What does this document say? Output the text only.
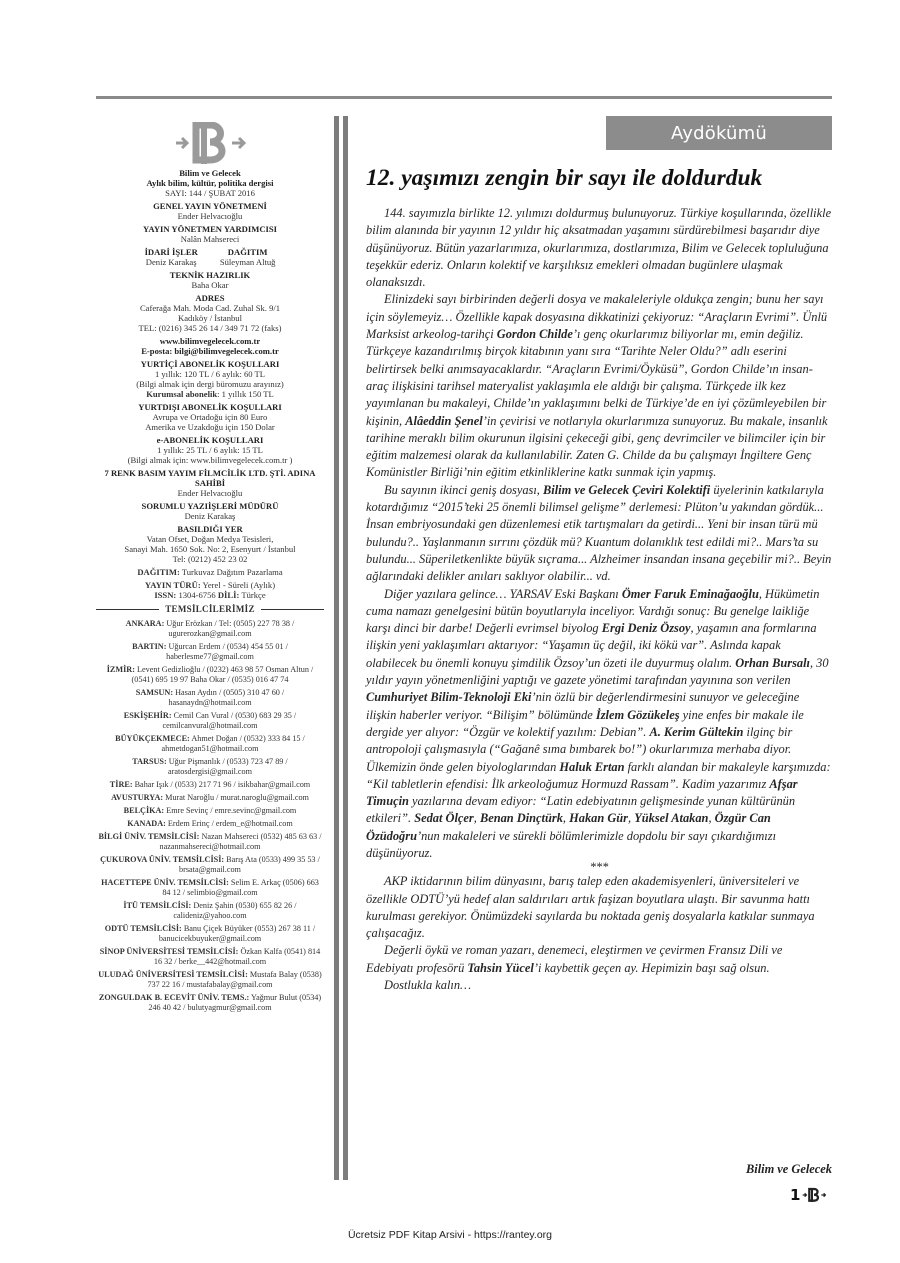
Bilim ve Gelecek
Aylık bilim, kültür, politika dergisi
SAYI: 144 / ŞUBAT 2016
GENEL YAYIN YÖNETMENİ
Ender Helvacıoğlu
YAYIN YÖNETMEN YARDIMCISI
Nalân Mahsereci
İDARİ İŞLER
Deniz Karakaş
DAĞITIM
Süleyman Altuğ
TEKNİK HAZIRLIK
Baha Okar
ADRES
Caferağa Mah. Moda Cad. Zuhal Sk. 9/1
Kadıköy / İstanbul
TEL: (0216) 345 26 14 / 349 71 72 (faks)
www.bilimvegelecek.com.tr
E-posta: bilgi@bilimvegelecek.com.tr
YURTİÇİ ABONELİK KOŞULLARI
1 yıllık: 120 TL / 6 aylık: 60 TL
(Bilgi almak için dergi büromuzu arayınız)
Kurumsal abonelik: 1 yıllık 150 TL
YURTDIŞI ABONELİK KOŞULLARI
Avrupa ve Ortadoğu için 80 Euro
Amerika ve Uzakdoğu için 150 Dolar
e-ABONELİK KOŞULLARI
1 yıllık: 25 TL / 6 aylık: 15 TL
(Bilgi almak için: www.bilimvegelecek.com.tr )
7 RENK BASIM YAYIM FİLMCİLİK LTD. ŞTİ. ADINA SAHİBİ
Ender Helvacıoğlu
SORUMLU YAZIİŞLERİ MÜDÜRÜ
Deniz Karakaş
BASILDIĞI YER
Vatan Ofset, Doğan Medya Tesisleri,
Sanayi Mah. 1650 Sok. No: 2, Esenyurt / İstanbul
Tel: (0212) 452 23 02
DAĞITIM: Turkuvaz Dağıtım Pazarlama
YAYIN TÜRÜ: Yerel - Süreli (Aylık)
ISSN: 1304-6756 DİLİ: Türkçe
TEMSİLCİLERİMİZ
ANKARA: Uğur Erözkan / Tel: (0505) 227 78 38 / ugurerozkan@gmail.com
BARTIN: Uğurcan Erdem / (0534) 454 55 01 / haberlesme77@gmail.com
İZMİR: Levent Gedizlioğlu / (0232) 463 98 57 Osman Altun / (0541) 695 19 97 Baha Okar / (0535) 016 47 74
SAMSUN: Hasan Aydın / (0505) 310 47 60 / hasanaydn@hotmail.com
ESKİŞEHİR: Cemil Can Vural / (0530) 683 29 35 / cemilcanvural@hotmail.com
BÜYÜKÇEKMECE: Ahmet Doğan / (0532) 333 84 15 / ahmetdogan51@hotmail.com
TARSUS: Uğur Pişmanlık / (0533) 723 47 89 / aratosdergisi@gmail.com
TİRE: Bahar Işık / (0533) 217 71 96 / isikbahar@gmail.com
AVUSTURYA: Murat Naroğlu / murat.naroglu@gmail.com
BELÇİKA: Emre Sevinç / emre.sevinc@gmail.com
KANADA: Erdem Erinç / erdem_e@hotmail.com
BİLGİ ÜNİV. TEMSİLCİSİ: Nazan Mahsereci (0532) 485 63 63 / nazanmahsereci@hotmail.com
ÇUKUROVA ÜNİV. TEMSİLCİSİ: Barış Ata (0533) 499 35 53 / brsata@gmail.com
HACETTEPE ÜNİV. TEMSİLCİSİ: Selim E. Arkaç (0506) 663 84 12 / selimbio@gmail.com
İTÜ TEMSİLCİSİ: Deniz Şahin (0530) 655 82 26 / calideniz@yahoo.com
ODTÜ TEMSİLCİSİ: Banu Çiçek Büyüker (0553) 267 38 11 / banucicekbuyuker@gmail.com
SİNOP ÜNİVERSİTESİ TEMSİLCİSİ: Özkan Kalfa (0541) 814 16 32 / berke__442@hotmail.com
ULUDAĞ ÜNİVERSİTESİ TEMSİLCİSİ: Mustafa Balay (0538) 737 22 16 / mustafabalay@gmail.com
ZONGULDAK B. ECEVİT ÜNİV. TEMS.: Yağmur Bulut (0534) 246 40 42 / bulutyagmur@gmail.com
Aydökümü
12. yaşımızı zengin bir sayı ile doldurduk

144. sayımızla birlikte 12. yılımızı doldurmuş bulunuyoruz. Türkiye koşullarında, özellikle bilim alanında bir yayının 12 yıldır hiç aksatmadan yaşamını sürdürebilmesi başarıdır diye düşünüyoruz. Bütün yazarlarımıza, okurlarımıza, dostlarımıza, Bilim ve Gelecek topluluğuna teşekkür ederiz. Onların kolektif ve karşılıksız emekleri olmadan bugünlere ulaşmak olanaksızdı.

Elinizdeki sayı birbirinden değerli dosya ve makaleleriyle oldukça zengin; bunu her sayı için söylemeyiz… Özellikle kapak dosyasına dikkatinizi çekiyoruz: “Araçların Evrimi”. Ünlü Marksist arkeolog-tarihçi Gordon Childe’ı genç okurlarımız biliyorlar mı, emin değiliz. Türkçeye kazandırılmış birçok kitabının yanı sıra “Tarihte Neler Oldu?” adlı eserini belirtirsek belki anımsayacaklardır. “Araçların Evrimi/Öyküsü”, Gordon Childe’ın insan-araç ilişkisini tarihsel materyalist yaklaşımla ele aldığı bir çalışma. Türkçede ilk kez yayımlanan bu makaleyi, Childe’ın yaklaşımını belki de Türkiye’de en iyi çözümleyebilen bir kişinin, Alâeddin Şenel’in çevirisi ve notlarıyla okurlarımıza sunuyoruz. Bu makale, insanlık tarihine meraklı bilim okurunun ilgisini çekeceği gibi, genç devrimciler ve bilimciler için bir eğitim malzemesi olarak da kullanılabilir. Zaten G. Childe da bu çalışmayı İngiltere Genç Komünistler Birliği’nin eğitim etkinliklerine katkı sunmak için yapmış.

Bu sayının ikinci geniş dosyası, Bilim ve Gelecek Çeviri Kolektifi üyelerinin katkılarıyla kotardığımız “2015’teki 25 önemli bilimsel gelişme” derlemesi: Plüton’u yakından gördük... İnsan embriyosundaki gen düzenlemesi etik tartışmaları da getirdi... Yeni bir insan türü mü bulundu?.. Yaşlanmanın sırrını çözdük mü? Kuantum dolanıklık test edildi mi?.. Mars’ta su bulundu... Süperiletkenlikte büyük sıçrama... Alzheimer insandan insana geçebilir mi?.. Beyin ağlarındaki delikler anıları saklıyor olabilir... vd.

Diğer yazılara gelince… YARSAV Eski Başkanı Ömer Faruk Eminağaoğlu, Hükümetin cuma namazı genelgesini bütün boyutlarıyla inceliyor. Vardığı sonuç: Bu genelge laikliğe karşı dinci bir darbe! Değerli evrimsel biyolog Ergi Deniz Özsoy, yaşamın ana formlarına ilişkin yeni yaklaşımları aktarıyor: “Yaşamın üç değil, iki kökü var”. Aslında kapak olabilecek bu önemli konuyu şimdilik Özsoy’un özeti ile duyurmuş olalım. Orhan Bursalı, 30 yıldır yayın yönetmenliğini yaptığı ve gazete yönetimi tarafından yayınına son verilen Cumhuriyet Bilim-Teknoloji Eki’nin özlü bir değerlendirmesini sunuyor ve geleceğine ilişkin haberler veriyor. “Bilişim” bölümünde İzlem Gözükeleş yine enfes bir makale ile dergide yer alıyor: “Özgür ve kolektif yazılım: Debian”. A. Kerim Gültekin ilginç bir antropoloji çalışmasıyla (“Gağanê sıma bımbarek bo!”) okurlarımıza merhaba diyor. Ülkemizin önde gelen biyologlarından Haluk Ertan farklı alandan bir makaleyle karşımızda: “Kil tabletlerin efendisi: İlk arkeoloğumuz Hormuzd Rassam”. Kadim yazarımız Afşar Timuçin yazılarına devam ediyor: “Latin edebiyatının gelişmesinde yunan kültürünün etkileri”. Sedat Ölçer, Benan Dinçtürk, Hakan Gür, Yüksel Atakan, Özgür Can Özüdoğru’nun makaleleri ve sürekli bölümlerimizle dopdolu bir sayı çıkardığımızı düşünüyoruz.

***

AKP iktidarının bilim dünyasını, barış talep eden akademisyenleri, üniversiteleri ve özellikle ODTÜ’yü hedef alan saldırıları artık faşizan boyutlara ulaştı. Bir savunma hattı kurulması gerekiyor. Önümüzdeki sayılarda bu noktada geniş dosyalarla katkılar sunmaya çalışacağız.

Değerli öykü ve roman yazarı, denemeci, eleştirmen ve çevirmen Fransız Dili ve Edebiyatı profesörü Tahsin Yücel’i kaybettik geçen ay. Hepimizin başı sağ olsun.

Dostlukla kalın…

Bilim ve Gelecek
1
Ücretsiz PDF Kitap Arsivi - https://rantey.org
